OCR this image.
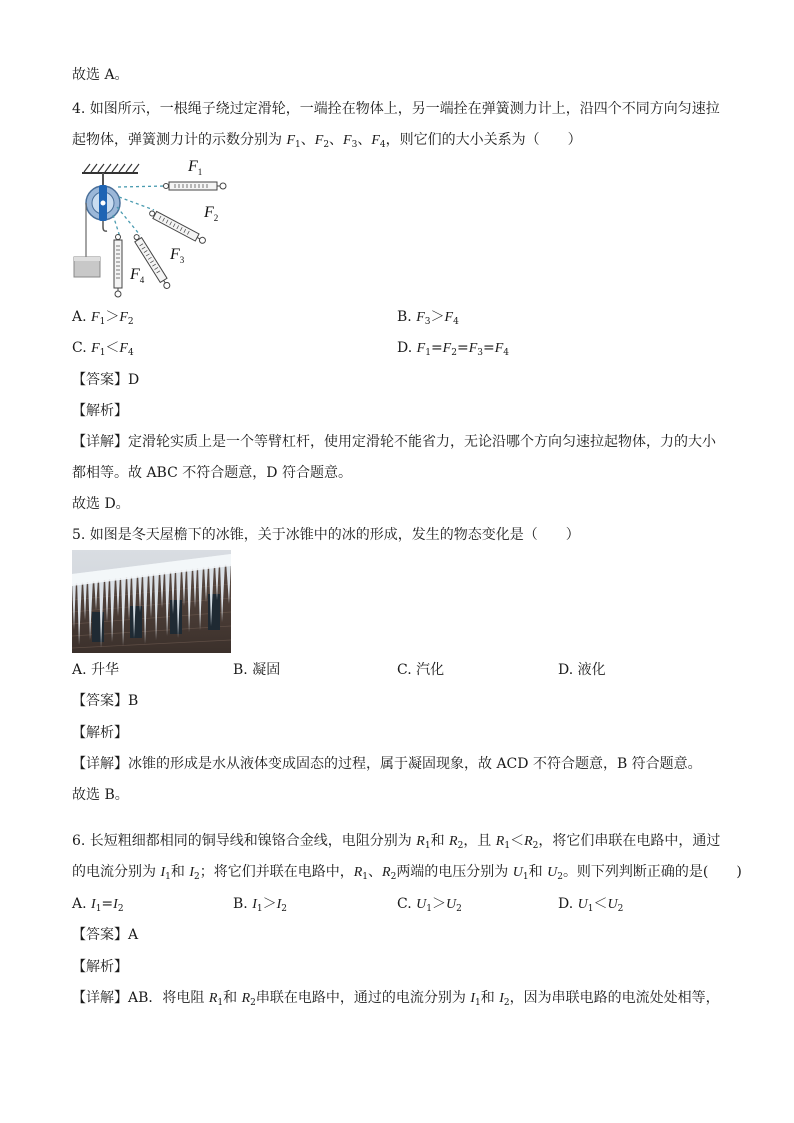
故选 A。
4. 如图所示，一根绳子绕过定滑轮，一端拴在物体上，另一端拴在弹簧测力计上，沿四个不同方向匀速拉
起物体，弹簧测力计的示数分别为 $F_1$、$F_2$、$F_3$、$F_4$，则它们的大小关系为（　　）
$F_1$
$F_2$
$F_3$
$F_4$
A. $F_1>F_2$	B. $F_3>F_4$
C. $F_1<F_4$	D. $F_1=F_2=F_3=F_4$
【答案】D
【解析】
【详解】定滑轮实质上是一个等臂杠杆，使用定滑轮不能省力，无论沿哪个方向匀速拉起物体，力的大小
都相等。故 ABC 不符合题意，D 符合题意。
故选 D。
5. 如图是冬天屋檐下的冰锥，关于冰锥中的冰的形成，发生的物态变化是（　　）
A. 升华	B. 凝固	C. 汽化	D. 液化
【答案】B
【解析】
【详解】冰锥的形成是水从液体变成固态的过程，属于凝固现象，故 ACD 不符合题意，B 符合题意。
故选 B。
6. 长短粗细都相同的铜导线和镍铬合金线，电阻分别为 $R_1$和 $R_2$，且 $R_1<R_2$，将它们串联在电路中，通过
的电流分别为 $I_1$和 $I_2$；将它们并联在电路中，$R_1$、$R_2$两端的电压分别为 $U_1$和 $U_2$。则下列判断正确的是(　　)
A. $I_1=I_2$	B. $I_1>I_2$	C. $U_1>U_2$	D. $U_1<U_2$
【答案】A
【解析】
【详解】AB．将电阻 $R_1$和 $R_2$串联在电路中，通过的电流分别为 $I_1$和 $I_2$，因为串联电路的电流处处相等，
